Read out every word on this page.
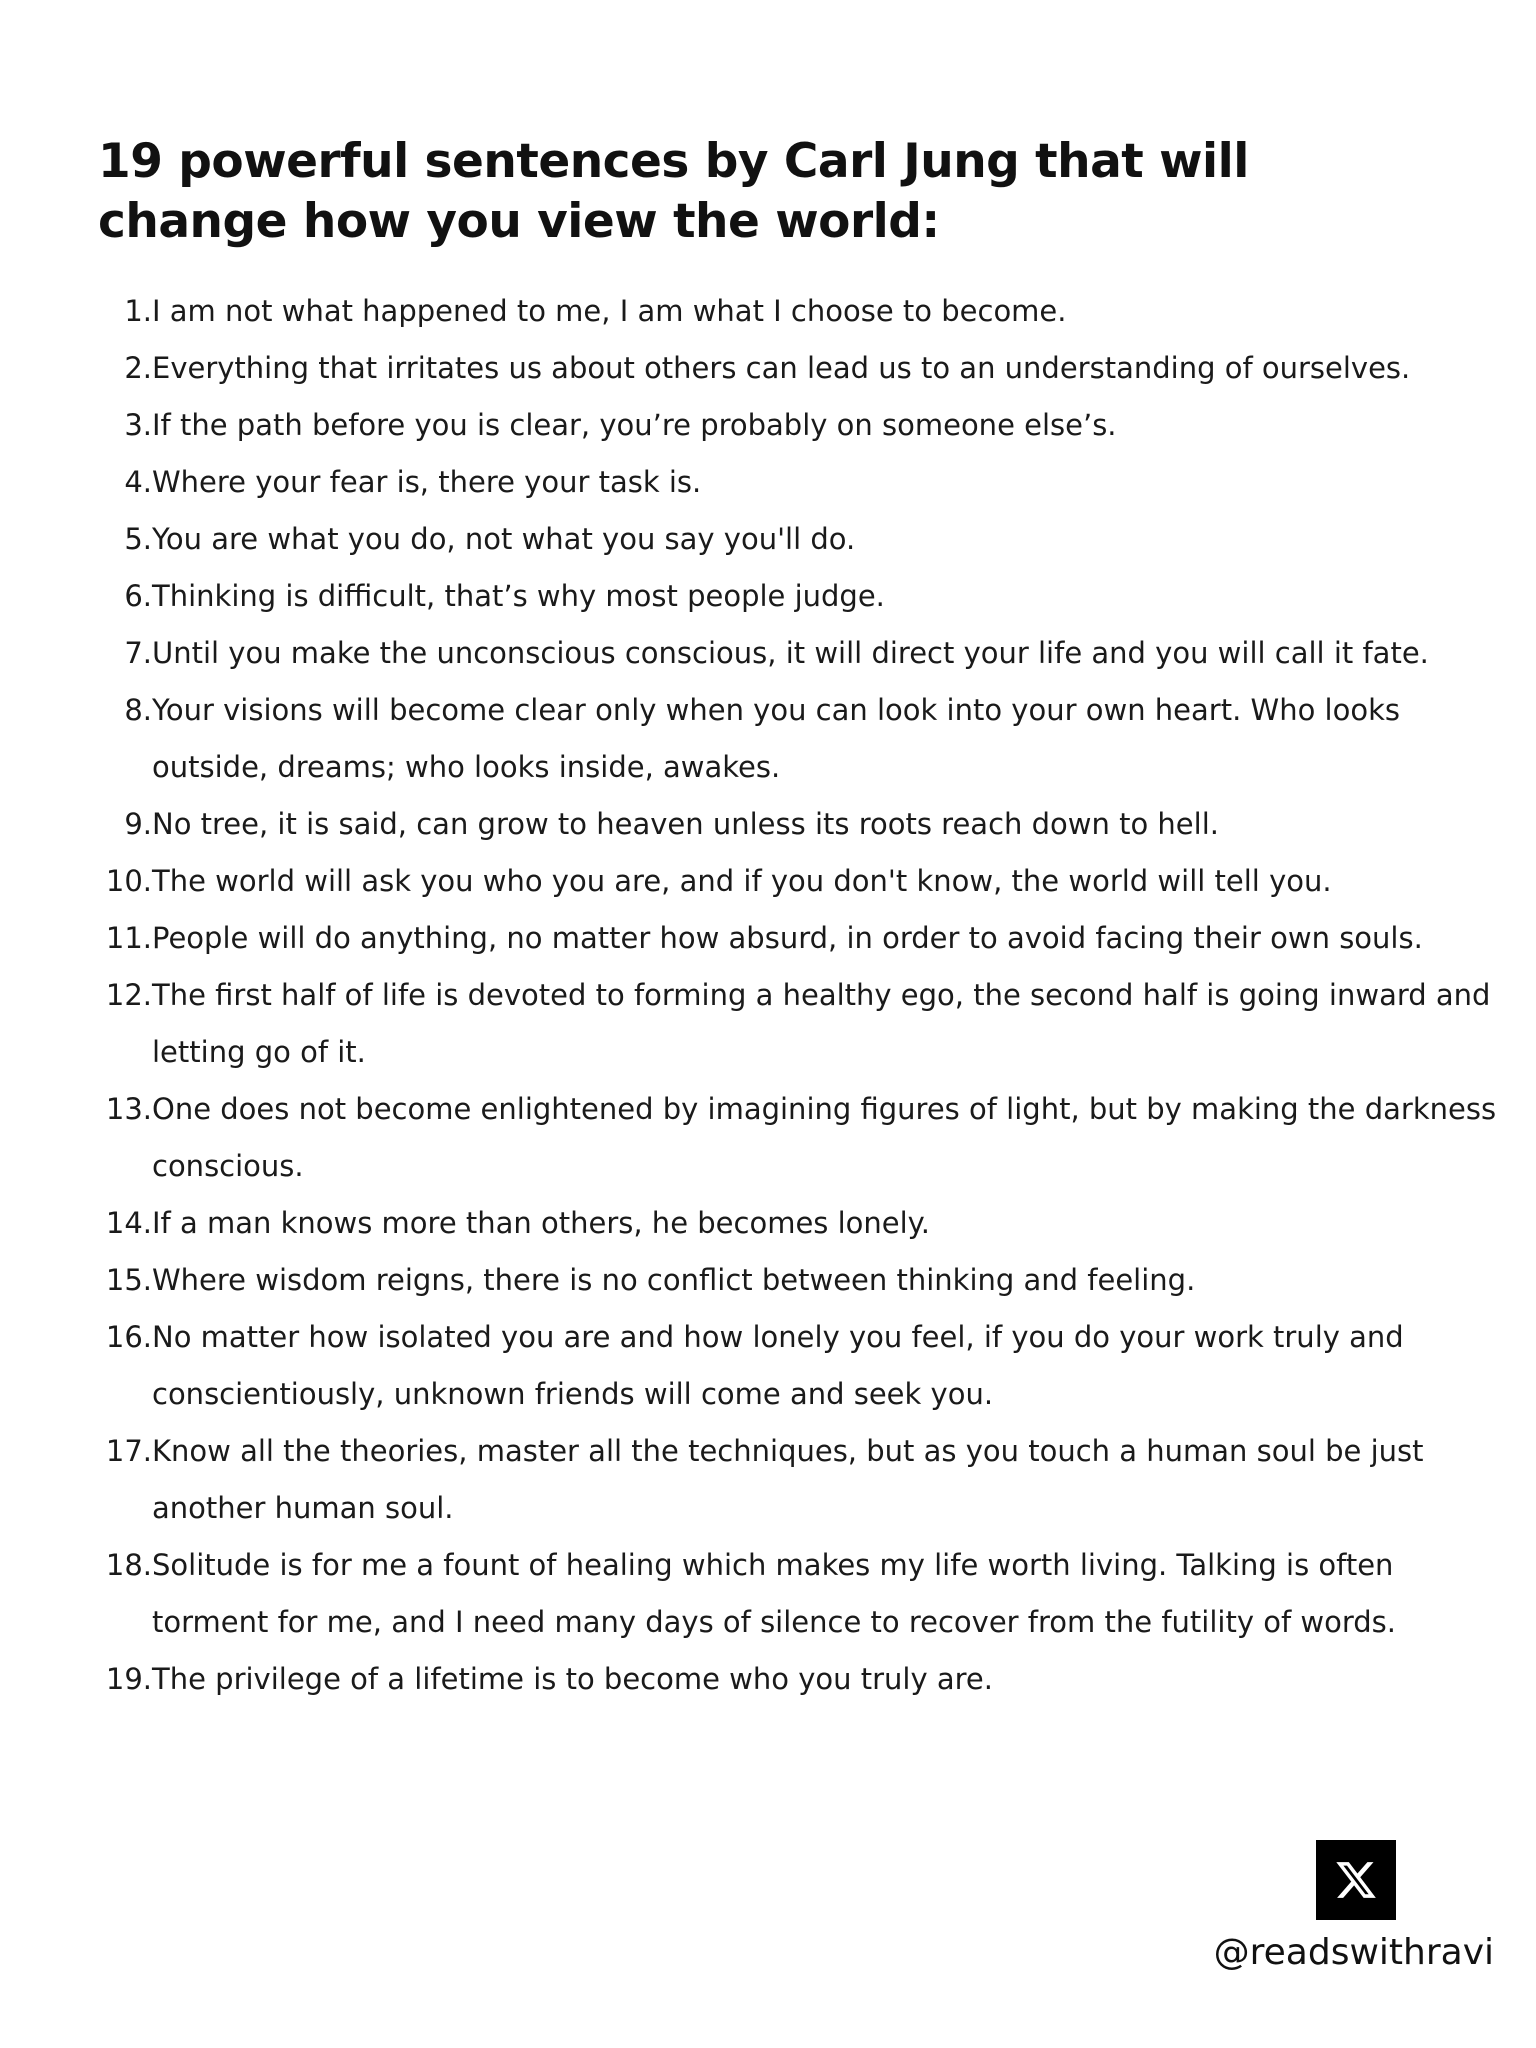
19 powerful sentences by Carl Jung that will change how you view the world:
1. I am not what happened to me, I am what I choose to become.
2. Everything that irritates us about others can lead us to an understanding of ourselves.
3. If the path before you is clear, you’re probably on someone else’s.
4. Where your fear is, there your task is.
5. You are what you do, not what you say you'll do.
6. Thinking is difficult, that’s why most people judge.
7. Until you make the unconscious conscious, it will direct your life and you will call it fate.
8. Your visions will become clear only when you can look into your own heart. Who looks outside, dreams; who looks inside, awakes.
9. No tree, it is said, can grow to heaven unless its roots reach down to hell.
10. The world will ask you who you are, and if you don't know, the world will tell you.
11. People will do anything, no matter how absurd, in order to avoid facing their own souls.
12. The first half of life is devoted to forming a healthy ego, the second half is going inward and letting go of it.
13. One does not become enlightened by imagining figures of light, but by making the darkness conscious.
14. If a man knows more than others, he becomes lonely.
15. Where wisdom reigns, there is no conflict between thinking and feeling.
16. No matter how isolated you are and how lonely you feel, if you do your work truly and conscientiously, unknown friends will come and seek you.
17. Know all the theories, master all the techniques, but as you touch a human soul be just another human soul.
18. Solitude is for me a fount of healing which makes my life worth living. Talking is often torment for me, and I need many days of silence to recover from the futility of words.
19. The privilege of a lifetime is to become who you truly are.

@readswithravi
